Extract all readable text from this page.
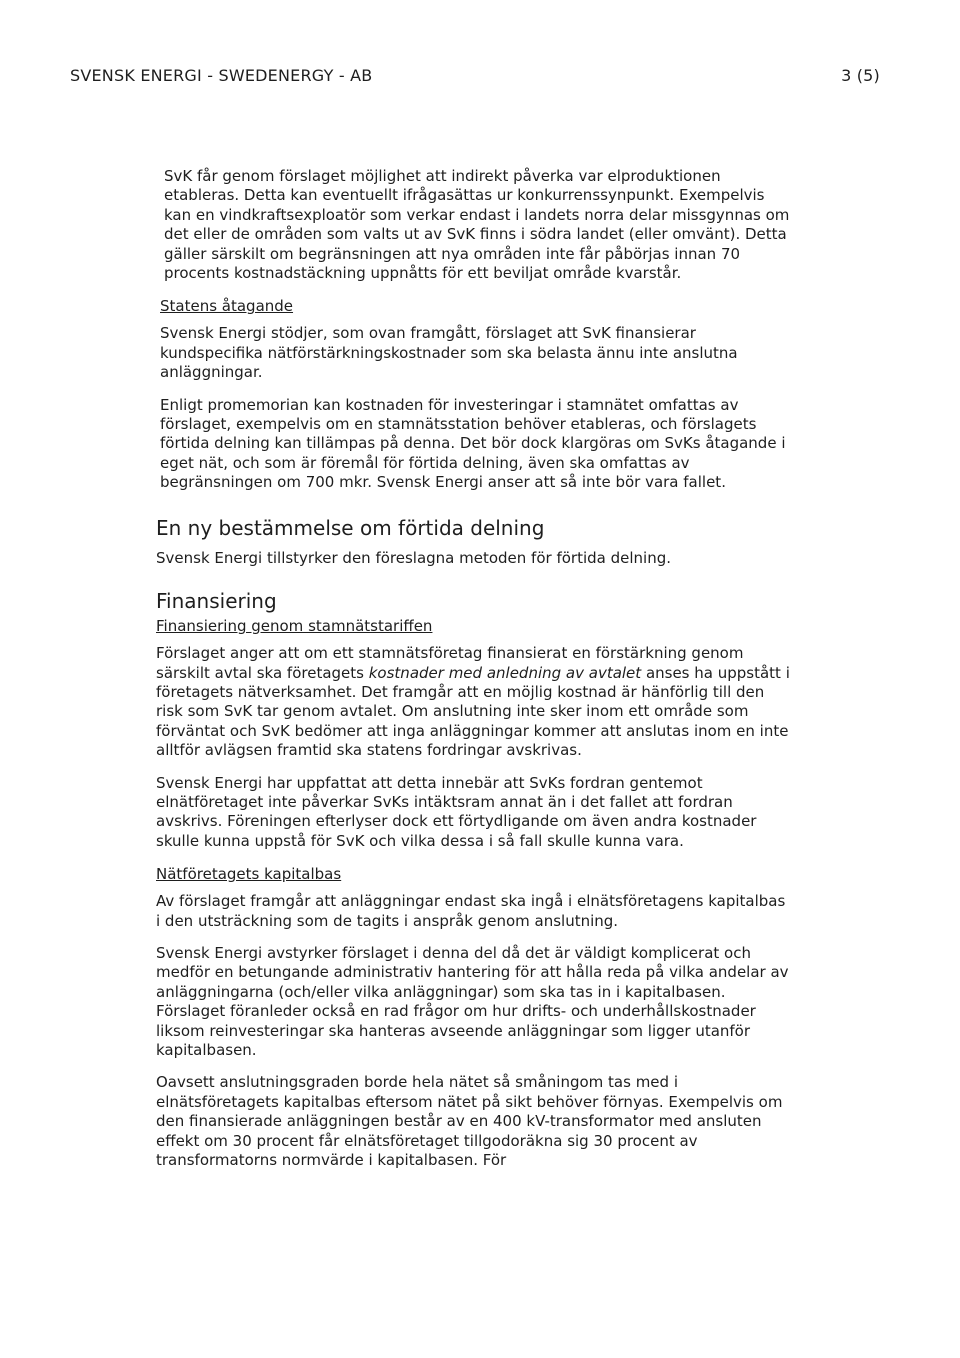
SVENSK ENERGI - SWEDENERGY - AB	3 (5)

SvK får genom förslaget möjlighet att indirekt påverka var elproduktionen etableras. Detta kan eventuellt ifrågasättas ur konkurrenssynpunkt. Exempelvis kan en vindkraftsexploatör som verkar endast i landets norra delar missgynnas om det eller de områden som valts ut av SvK finns i södra landet (eller omvänt). Detta gäller särskilt om begränsningen att nya områden inte får påbörjas innan 70 procents kostnadstäckning uppnåtts för ett beviljat område kvarstår.

Statens åtagande

Svensk Energi stödjer, som ovan framgått, förslaget att SvK finansierar kundspecifika nätförstärkningskostnader som ska belasta ännu inte anslutna anläggningar.

Enligt promemorian kan kostnaden för investeringar i stamnätet omfattas av förslaget, exempelvis om en stamnätsstation behöver etableras, och förslagets förtida delning kan tillämpas på denna. Det bör dock klargöras om SvKs åtagande i eget nät, och som är föremål för förtida delning, även ska omfattas av begränsningen om 700 mkr. Svensk Energi anser att så inte bör vara fallet.

En ny bestämmelse om förtida delning

Svensk Energi tillstyrker den föreslagna metoden för förtida delning.

Finansiering
Finansiering genom stamnätstariffen

Förslaget anger att om ett stamnätsföretag finansierat en förstärkning genom särskilt avtal ska företagets kostnader med anledning av avtalet anses ha uppstått i företagets nätverksamhet. Det framgår att en möjlig kostnad är hänförlig till den risk som SvK tar genom avtalet. Om anslutning inte sker inom ett område som förväntat och SvK bedömer att inga anläggningar kommer att anslutas inom en inte alltför avlägsen framtid ska statens fordringar avskrivas.

Svensk Energi har uppfattat att detta innebär att SvKs fordran gentemot elnätföretaget inte påverkar SvKs intäktsram annat än i det fallet att fordran avskrivs. Föreningen efterlyser dock ett förtydligande om även andra kostnader skulle kunna uppstå för SvK och vilka dessa i så fall skulle kunna vara.

Nätföretagets kapitalbas

Av förslaget framgår att anläggningar endast ska ingå i elnätsföretagens kapitalbas i den utsträckning som de tagits i anspråk genom anslutning.

Svensk Energi avstyrker förslaget i denna del då det är väldigt komplicerat och medför en betungande administrativ hantering för att hålla reda på vilka andelar av anläggningarna (och/eller vilka anläggningar) som ska tas in i kapitalbasen. Förslaget föranleder också en rad frågor om hur drifts- och underhållskostnader liksom reinvesteringar ska hanteras avseende anläggningar som ligger utanför kapitalbasen.

Oavsett anslutningsgraden borde hela nätet så småningom tas med i elnätsföretagets kapitalbas eftersom nätet på sikt behöver förnyas. Exempelvis om den finansierade anläggningen består av en 400 kV-transformator med ansluten effekt om 30 procent får elnätsföretaget tillgodoräkna sig 30 procent av transformatorns normvärde i kapitalbasen. För
